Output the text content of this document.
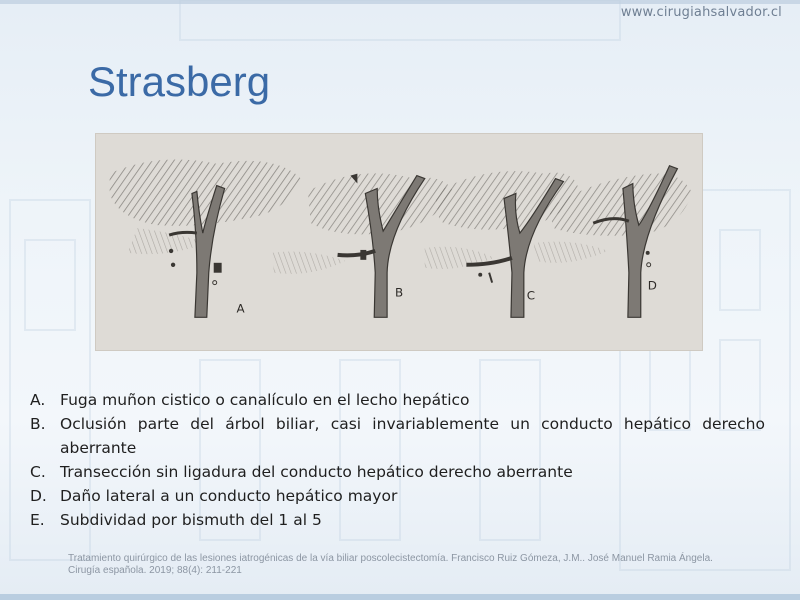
www.cirugiahsalvador.cl
Strasberg
A
B	C
D
A. Fuga muñon cistico o canalículo en el lecho hepático
B. Oclusión parte del árbol biliar, casi invariablemente un conducto hepático derecho aberrante
C. Transección sin ligadura del conducto hepático derecho aberrante
D. Daño lateral a un conducto hepático mayor
E. Subdividad por bismuth del 1 al 5
Tratamiento quirúrgico de las lesiones iatrogénicas de la vía biliar poscolecistectomía. Francisco Ruiz Gómeza, J.M.. José Manuel Ramia Ángela.
Cirugía española. 2019; 88(4): 211-221
